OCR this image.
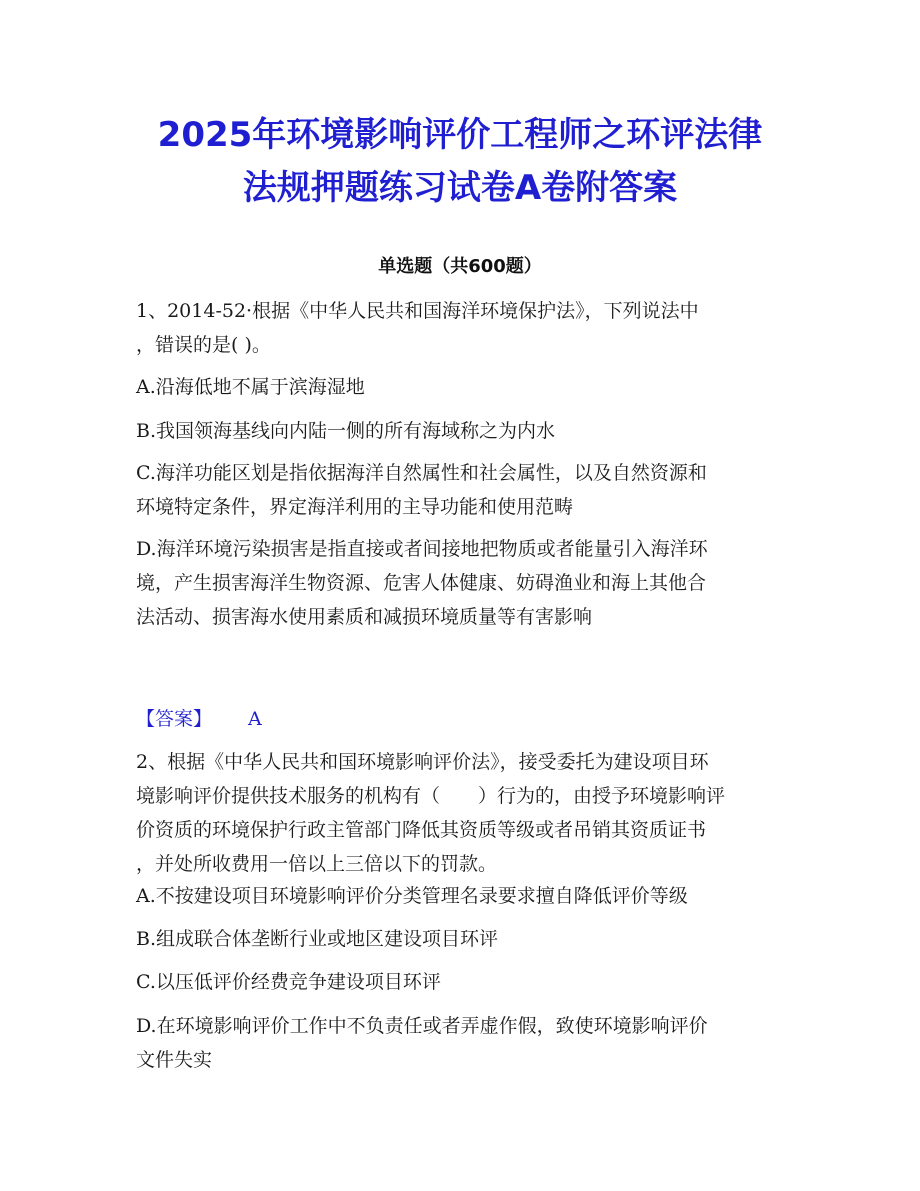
2025年环境影响评价工程师之环评法律
法规押题练习试卷A卷附答案
单选题（共600题）
1、2014-52·根据《中华人民共和国海洋环境保护法》，下列说法中
，错误的是( )。
A.沿海低地不属于滨海湿地
B.我国领海基线向内陆一侧的所有海域称之为内水
C.海洋功能区划是指依据海洋自然属性和社会属性，以及自然资源和
环境特定条件，界定海洋利用的主导功能和使用范畴
D.海洋环境污染损害是指直接或者间接地把物质或者能量引入海洋环
境，产生损害海洋生物资源、危害人体健康、妨碍渔业和海上其他合
法活动、损害海水使用素质和减损环境质量等有害影响
【答案】 A
2、根据《中华人民共和国环境影响评价法》，接受委托为建设项目环
境影响评价提供技术服务的机构有（　　）行为的，由授予环境影响评
价资质的环境保护行政主管部门降低其资质等级或者吊销其资质证书
，并处所收费用一倍以上三倍以下的罚款。
A.不按建设项目环境影响评价分类管理名录要求擅自降低评价等级
B.组成联合体垄断行业或地区建设项目环评
C.以压低评价经费竞争建设项目环评
D.在环境影响评价工作中不负责任或者弄虚作假，致使环境影响评价
文件失实
